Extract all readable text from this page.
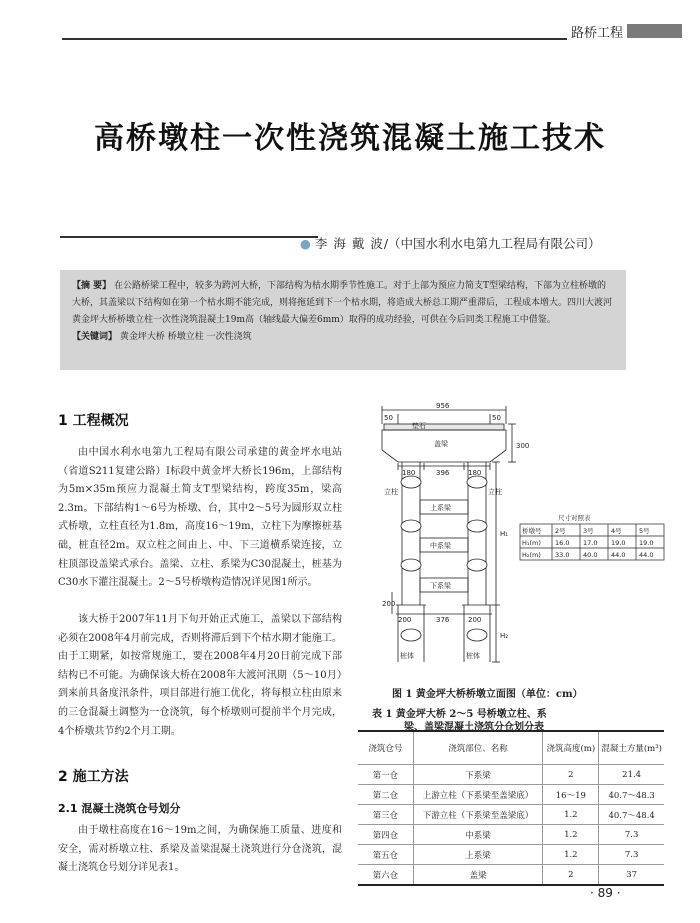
路桥工程
高桥墩柱一次性浇筑混凝土施工技术
● 李 海 戴 波/（中国水利水电第九工程局有限公司）
【摘 要】 在公路桥梁工程中，较多为跨河大桥，下部结构为枯水期季节性施工。对于上部为预应力简支T型梁结构，下部为立柱桥墩的大桥，其盖梁以下结构如在第一个枯水期不能完成，则将拖延到下一个枯水期，将造成大桥总工期严重滞后，工程成本增大。四川大渡河黄金坪大桥桥墩立柱一次性浇筑混凝土19m高（轴线最大偏差6mm）取得的成功经验，可供在今后同类工程施工中借鉴。
【关键词】 黄金坪大桥 桥墩立柱 一次性浇筑
1 工程概况
由中国水利水电第九工程局有限公司承建的黄金坪水电站（省道S211复建公路）Ⅰ标段中黄金坪大桥长196m，上部结构为5m×35m预应力混凝土简支T型梁结构，跨度35m，梁高2.3m。下部结构1～6号为桥墩、台，其中2～5号为圆形双立柱式桥墩，立柱直径为1.8m，高度16～19m，立柱下为摩擦桩基础，桩直径2m。双立柱之间由上、中、下三道横系梁连接，立柱顶部设盖梁式承台。盖梁、立柱、系梁为C30混凝土，桩基为C30水下灌注混凝土。2～5号桥墩构造情况详见图1所示。
该大桥于2007年11月下旬开始正式施工，盖梁以下部结构必须在2008年4月前完成，否则将滞后到下个枯水期才能施工。由于工期紧，如按常规施工，要在2008年4月20日前完成下部结构已不可能。为确保该大桥在2008年大渡河汛期（5～10月）到来前具备度汛条件，项目部进行施工优化，将每根立柱由原来的三仓混凝土调整为一仓浇筑，每个桥墩则可提前半个月完成，4个桥墩共节约2个月工期。
2 施工方法
2.1 混凝土浇筑仓号划分
由于墩柱高度在16～19m之间，为确保施工质量、进度和安全，需对桥墩立柱、系梁及盖梁混凝土浇筑进行分仓浇筑，混凝土浇筑仓号划分详见表1。
956
50	50
300
180	396	180
200	376	200
H₁
H₂
200
垫石
盖梁
立柱	立柱
上系梁
中系梁
下系梁
桩体	桩体
尺寸对照表
桥墩号 2号	3号	4号	5号
H₁(m) 16.0 17.0 19.0 19.0
H₂(m) 33.0 40.0 44.0 44.0
图 1 黄金坪大桥桥墩立面图（单位：cm）
表 1 黄金坪大桥 2～5 号桥墩立柱、系
梁、盖梁混凝土浇筑分仓划分表
浇筑仓号	浇筑部位、名称	浇筑高度(m)	混凝土方量(m³)
第一仓	下系梁	2	21.4
第二仓	上游立柱（下系梁至盖梁底）	16～19	40.7～48.3
第三仓	下游立柱（下系梁至盖梁底）	1.2	40.7～48.4
第四仓	中系梁	1.2	7.3
第五仓	上系梁	1.2	7.3
第六仓	盖梁	2	37
· 89 ·
